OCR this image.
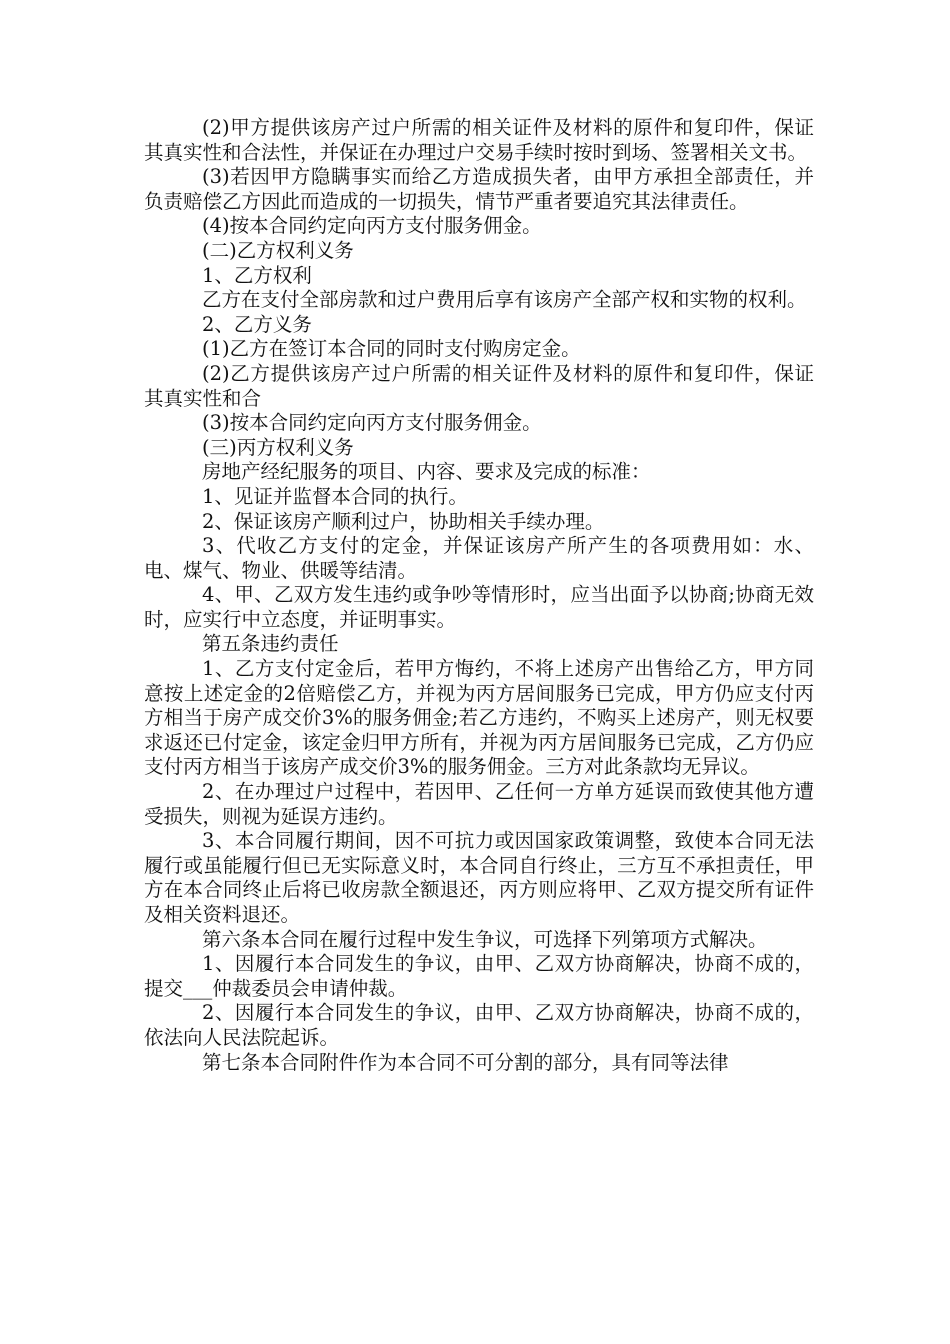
(2)甲方提供该房产过户所需的相关证件及材料的原件和复印件，保证其真实性和合法性，并保证在办理过户交易手续时按时到场、签署相关文书。

(3)若因甲方隐瞒事实而给乙方造成损失者，由甲方承担全部责任，并负责赔偿乙方因此而造成的一切损失，情节严重者要追究其法律责任。

(4)按本合同约定向丙方支付服务佣金。

(二)乙方权利义务

1、乙方权利

乙方在支付全部房款和过户费用后享有该房产全部产权和实物的权利。

2、乙方义务

(1)乙方在签订本合同的同时支付购房定金。

(2)乙方提供该房产过户所需的相关证件及材料的原件和复印件，保证其真实性和合

(3)按本合同约定向丙方支付服务佣金。

(三)丙方权利义务

房地产经纪服务的项目、内容、要求及完成的标准：

1、见证并监督本合同的执行。

2、保证该房产顺利过户，协助相关手续办理。

3、代收乙方支付的定金，并保证该房产所产生的各项费用如：水、电、煤气、物业、供暖等结清。

4、甲、乙双方发生违约或争吵等情形时，应当出面予以协商;协商无效时，应实行中立态度，并证明事实。

第五条违约责任

1、乙方支付定金后，若甲方悔约，不将上述房产出售给乙方，甲方同意按上述定金的2倍赔偿乙方，并视为丙方居间服务已完成，甲方仍应支付丙方相当于房产成交价3%的服务佣金;若乙方违约，不购买上述房产，则无权要求返还已付定金，该定金归甲方所有，并视为丙方居间服务已完成，乙方仍应支付丙方相当于该房产成交价3%的服务佣金。三方对此条款均无异议。

2、在办理过户过程中，若因甲、乙任何一方单方延误而致使其他方遭受损失，则视为延误方违约。

3、本合同履行期间，因不可抗力或因国家政策调整，致使本合同无法履行或虽能履行但已无实际意义时，本合同自行终止，三方互不承担责任，甲方在本合同终止后将已收房款全额退还，丙方则应将甲、乙双方提交所有证件及相关资料退还。

第六条本合同在履行过程中发生争议，可选择下列第项方式解决。

1、因履行本合同发生的争议，由甲、乙双方协商解决，协商不成的，提交___仲裁委员会申请仲裁。

2、因履行本合同发生的争议，由甲、乙双方协商解决，协商不成的，依法向人民法院起诉。

第七条本合同附件作为本合同不可分割的部分，具有同等法律
